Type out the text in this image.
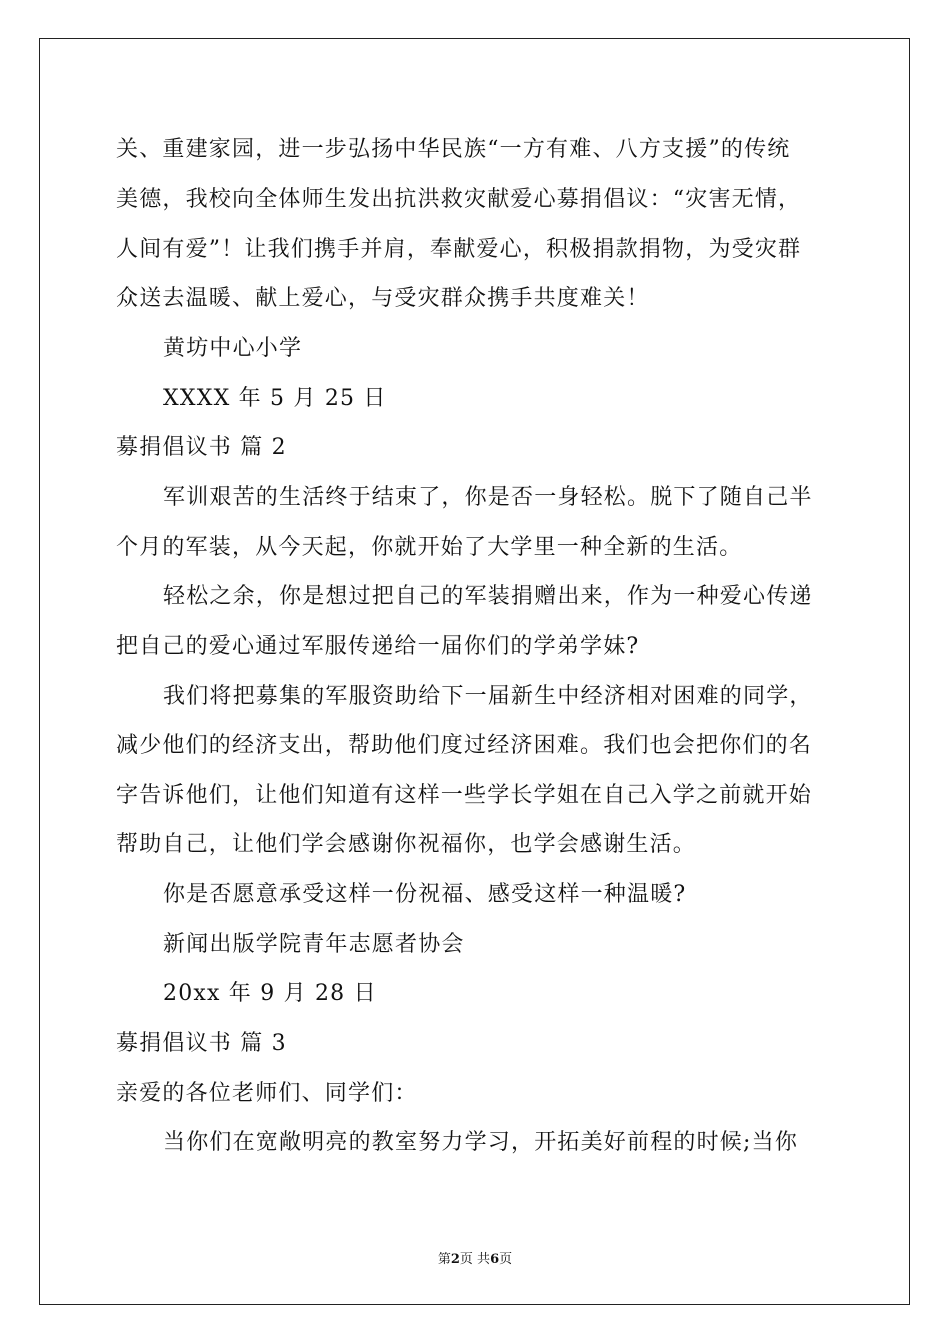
关、重建家园，进一步弘扬中华民族“一方有难、八方支援”的传统
美德，我校向全体师生发出抗洪救灾献爱心募捐倡议：“灾害无情，
人间有爱”！让我们携手并肩，奉献爱心，积极捐款捐物，为受灾群
众送去温暖、献上爱心，与受灾群众携手共度难关！
黄坊中心小学
XXXX 年 5 月 25 日
募捐倡议书 篇 2
军训艰苦的生活终于结束了，你是否一身轻松。脱下了随自己半
个月的军装，从今天起，你就开始了大学里一种全新的生活。
轻松之余，你是想过把自己的军装捐赠出来，作为一种爱心传递
把自己的爱心通过军服传递给一届你们的学弟学妹?
我们将把募集的军服资助给下一届新生中经济相对困难的同学，
减少他们的经济支出，帮助他们度过经济困难。我们也会把你们的名
字告诉他们，让他们知道有这样一些学长学姐在自己入学之前就开始
帮助自己，让他们学会感谢你祝福你，也学会感谢生活。
你是否愿意承受这样一份祝福、感受这样一种温暖?
新闻出版学院青年志愿者协会
20xx 年 9 月 28 日
募捐倡议书 篇 3
亲爱的各位老师们、同学们：
当你们在宽敞明亮的教室努力学习，开拓美好前程的时候;当你
第2页 共6页
